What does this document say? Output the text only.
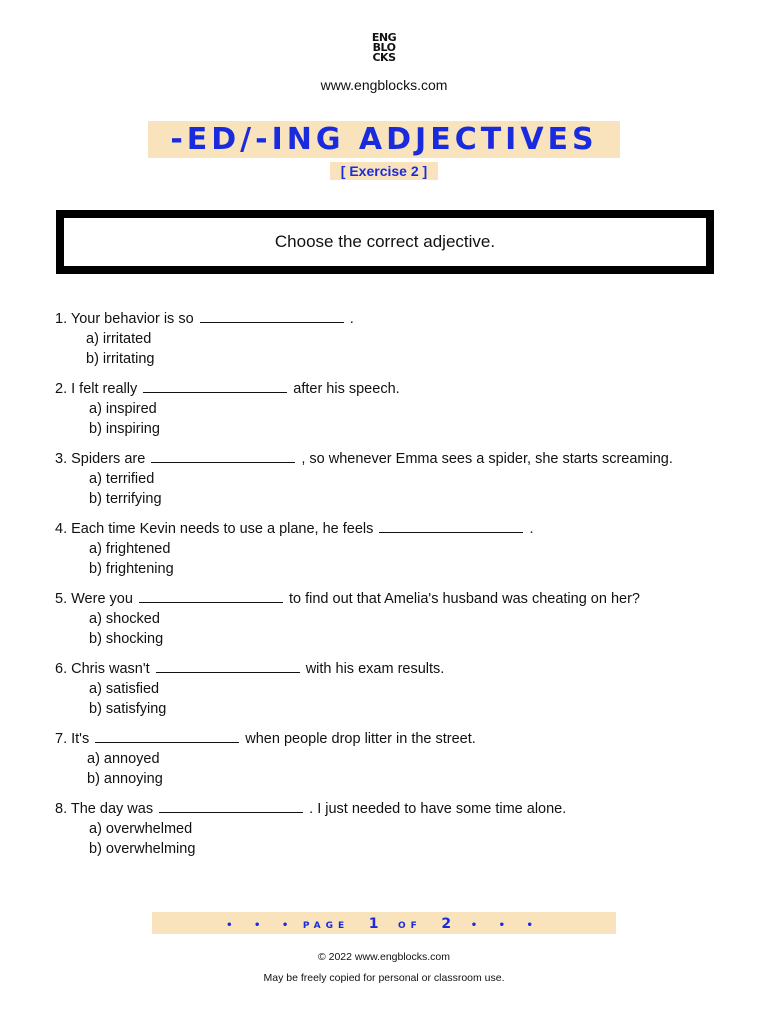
ENG
BLO
CKS
www.engblocks.com
-ED/-ING ADJECTIVES
[ Exercise 2 ]
Choose the correct adjective.
1. Your behavior is so	.
a) irritated
b) irritating
2. I felt really	after his speech.
a) inspired
b) inspiring
3. Spiders are	, so whenever Emma sees a spider, she starts screaming.
a) terrified
b) terrifying
4. Each time Kevin needs to use a plane, he feels	.
a) frightened
b) frightening
5. Were you	to find out that Amelia's husband was cheating on her?
a) shocked
b) shocking
6. Chris wasn't	with his exam results.
a) satisfied
b) satisfying
7. It's	when people drop litter in the street.
a) annoyed
b) annoying
8. The day was	. I just needed to have some time alone.
a) overwhelmed
b) overwhelming
• • • PAGE 1 OF 2 • • •
© 2022 www.engblocks.com
May be freely copied for personal or classroom use.
